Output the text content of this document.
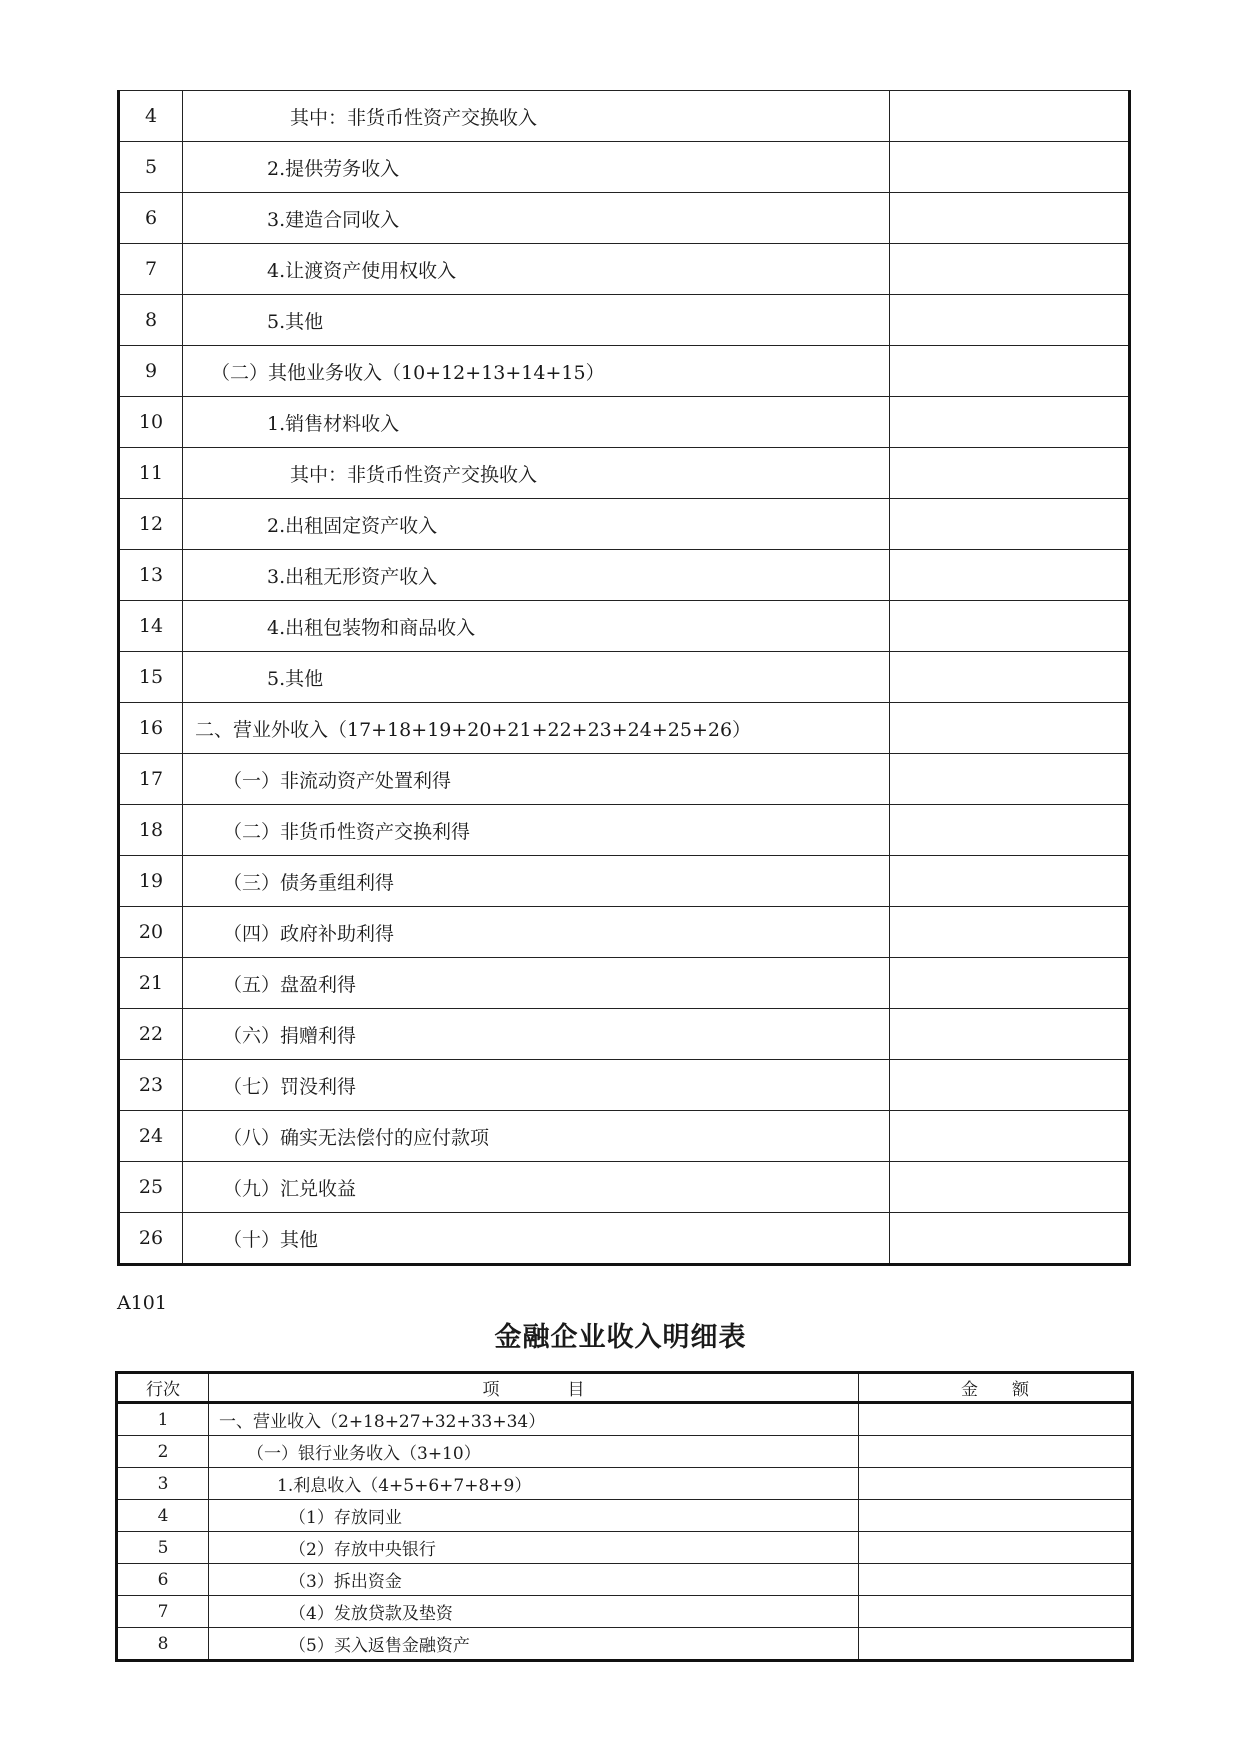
4	其中：非货币性资产交换收入	
5	2.提供劳务收入	
6	3.建造合同收入	
7	4.让渡资产使用权收入	
8	5.其他	
9	（二）其他业务收入（10+12+13+14+15）	
10	1.销售材料收入	
11	其中：非货币性资产交换收入	
12	2.出租固定资产收入	
13	3.出租无形资产收入	
14	4.出租包装物和商品收入	
15	5.其他	
16	二、营业外收入（17+18+19+20+21+22+23+24+25+26）	
17	（一）非流动资产处置利得	
18	（二）非货币性资产交换利得	
19	（三）债务重组利得	
20	（四）政府补助利得	
21	（五）盘盈利得	
22	（六）捐赠利得	
23	（七）罚没利得	
24	（八）确实无法偿付的应付款项	
25	（九）汇兑收益	
26	（十）其他	
A101
金融企业收入明细表
行次	项　　　　目	金　　额
1	一、营业收入（2+18+27+32+33+34）	
2	（一）银行业务收入（3+10）	
3	1.利息收入（4+5+6+7+8+9）	
4	（1）存放同业	
5	（2）存放中央银行	
6	（3）拆出资金	
7	（4）发放贷款及垫资	
8	（5）买入返售金融资产	
